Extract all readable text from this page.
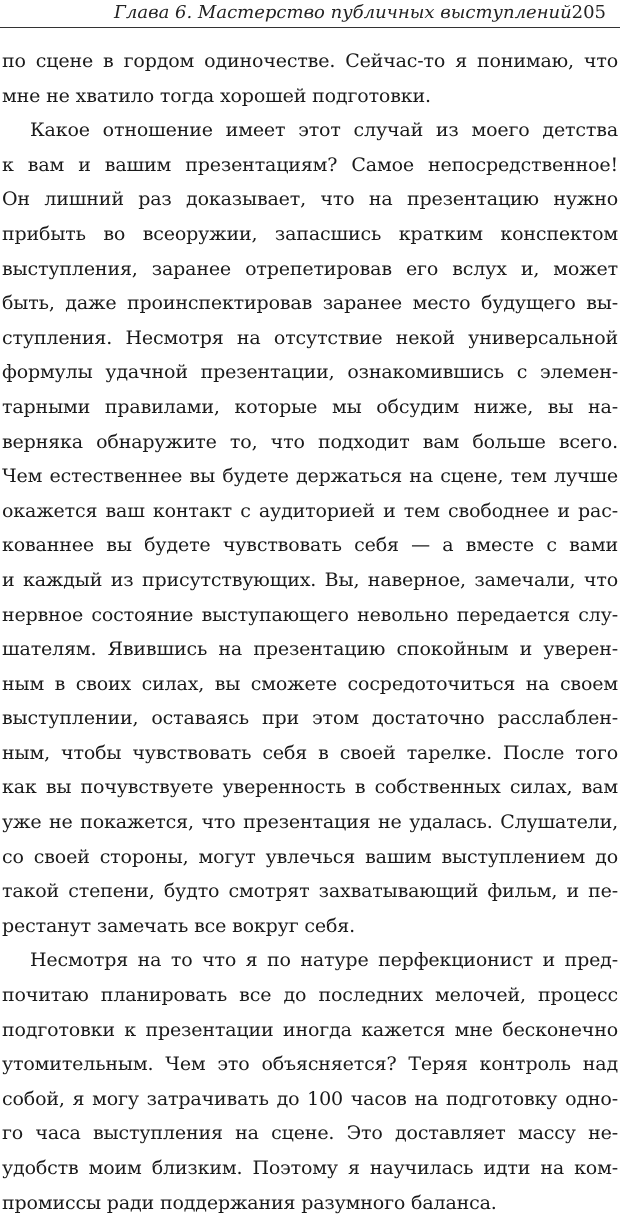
Глава 6. Мастерство публичных выступлений 205
по сцене в гордом одиночестве. Сейчас-то я понимаю, что
мне не хватило тогда хорошей подготовки.
Какое отношение имеет этот случай из моего детства
к вам и вашим презентациям? Самое непосредственное!
Он лишний раз доказывает, что на презентацию нужно
прибыть во всеоружии, запасшись кратким конспектом
выступления, заранее отрепетировав его вслух и, может
быть, даже проинспектировав заранее место будущего вы-
ступления. Несмотря на отсутствие некой универсальной
формулы удачной презентации, ознакомившись с элемен-
тарными правилами, которые мы обсудим ниже, вы на-
верняка обнаружите то, что подходит вам больше всего.
Чем естественнее вы будете держаться на сцене, тем лучше
окажется ваш контакт с аудиторией и тем свободнее и рас-
кованнее вы будете чувствовать себя — а вместе с вами
и каждый из присутствующих. Вы, наверное, замечали, что
нервное состояние выступающего невольно передается слу-
шателям. Явившись на презентацию спокойным и уверен-
ным в своих силах, вы сможете сосредоточиться на своем
выступлении, оставаясь при этом достаточно расслаблен-
ным, чтобы чувствовать себя в своей тарелке. После того
как вы почувствуете уверенность в собственных силах, вам
уже не покажется, что презентация не удалась. Слушатели,
со своей стороны, могут увлечься вашим выступлением до
такой степени, будто смотрят захватывающий фильм, и пе-
рестанут замечать все вокруг себя.
Несмотря на то что я по натуре перфекционист и пред-
почитаю планировать все до последних мелочей, процесс
подготовки к презентации иногда кажется мне бесконечно
утомительным. Чем это объясняется? Теряя контроль над
собой, я могу затрачивать до 100 часов на подготовку одно-
го часа выступления на сцене. Это доставляет массу не-
удобств моим близким. Поэтому я научилась идти на ком-
промиссы ради поддержания разумного баланса.
